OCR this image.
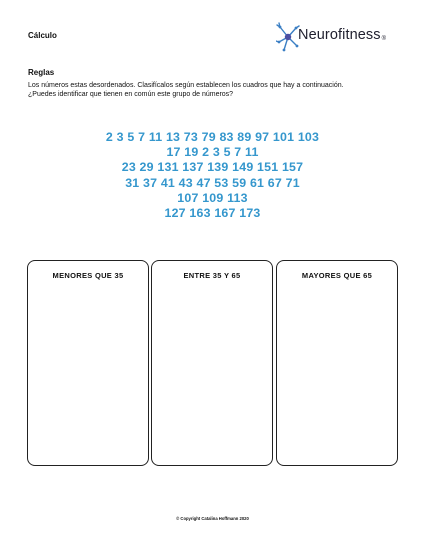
Cálculo	Neurofitness®
Reglas
Los números estas desordenados. Clasifícalos según establecen los cuadros que hay a continuación.
¿Puedes identificar que tienen en común este grupo de números?
2 3 5 7 11 13 73 79 83 89 97 101 103
17 19 2 3 5 7 11
23 29 131 137 139 149 151 157
31 37 41 43 47 53 59 61 67 71
107 109 113
127 163 167 173
MENORES QUE 35	ENTRE 35 Y 65	MAYORES QUE 65
© Copyright Catalina Hoffmann 2020
